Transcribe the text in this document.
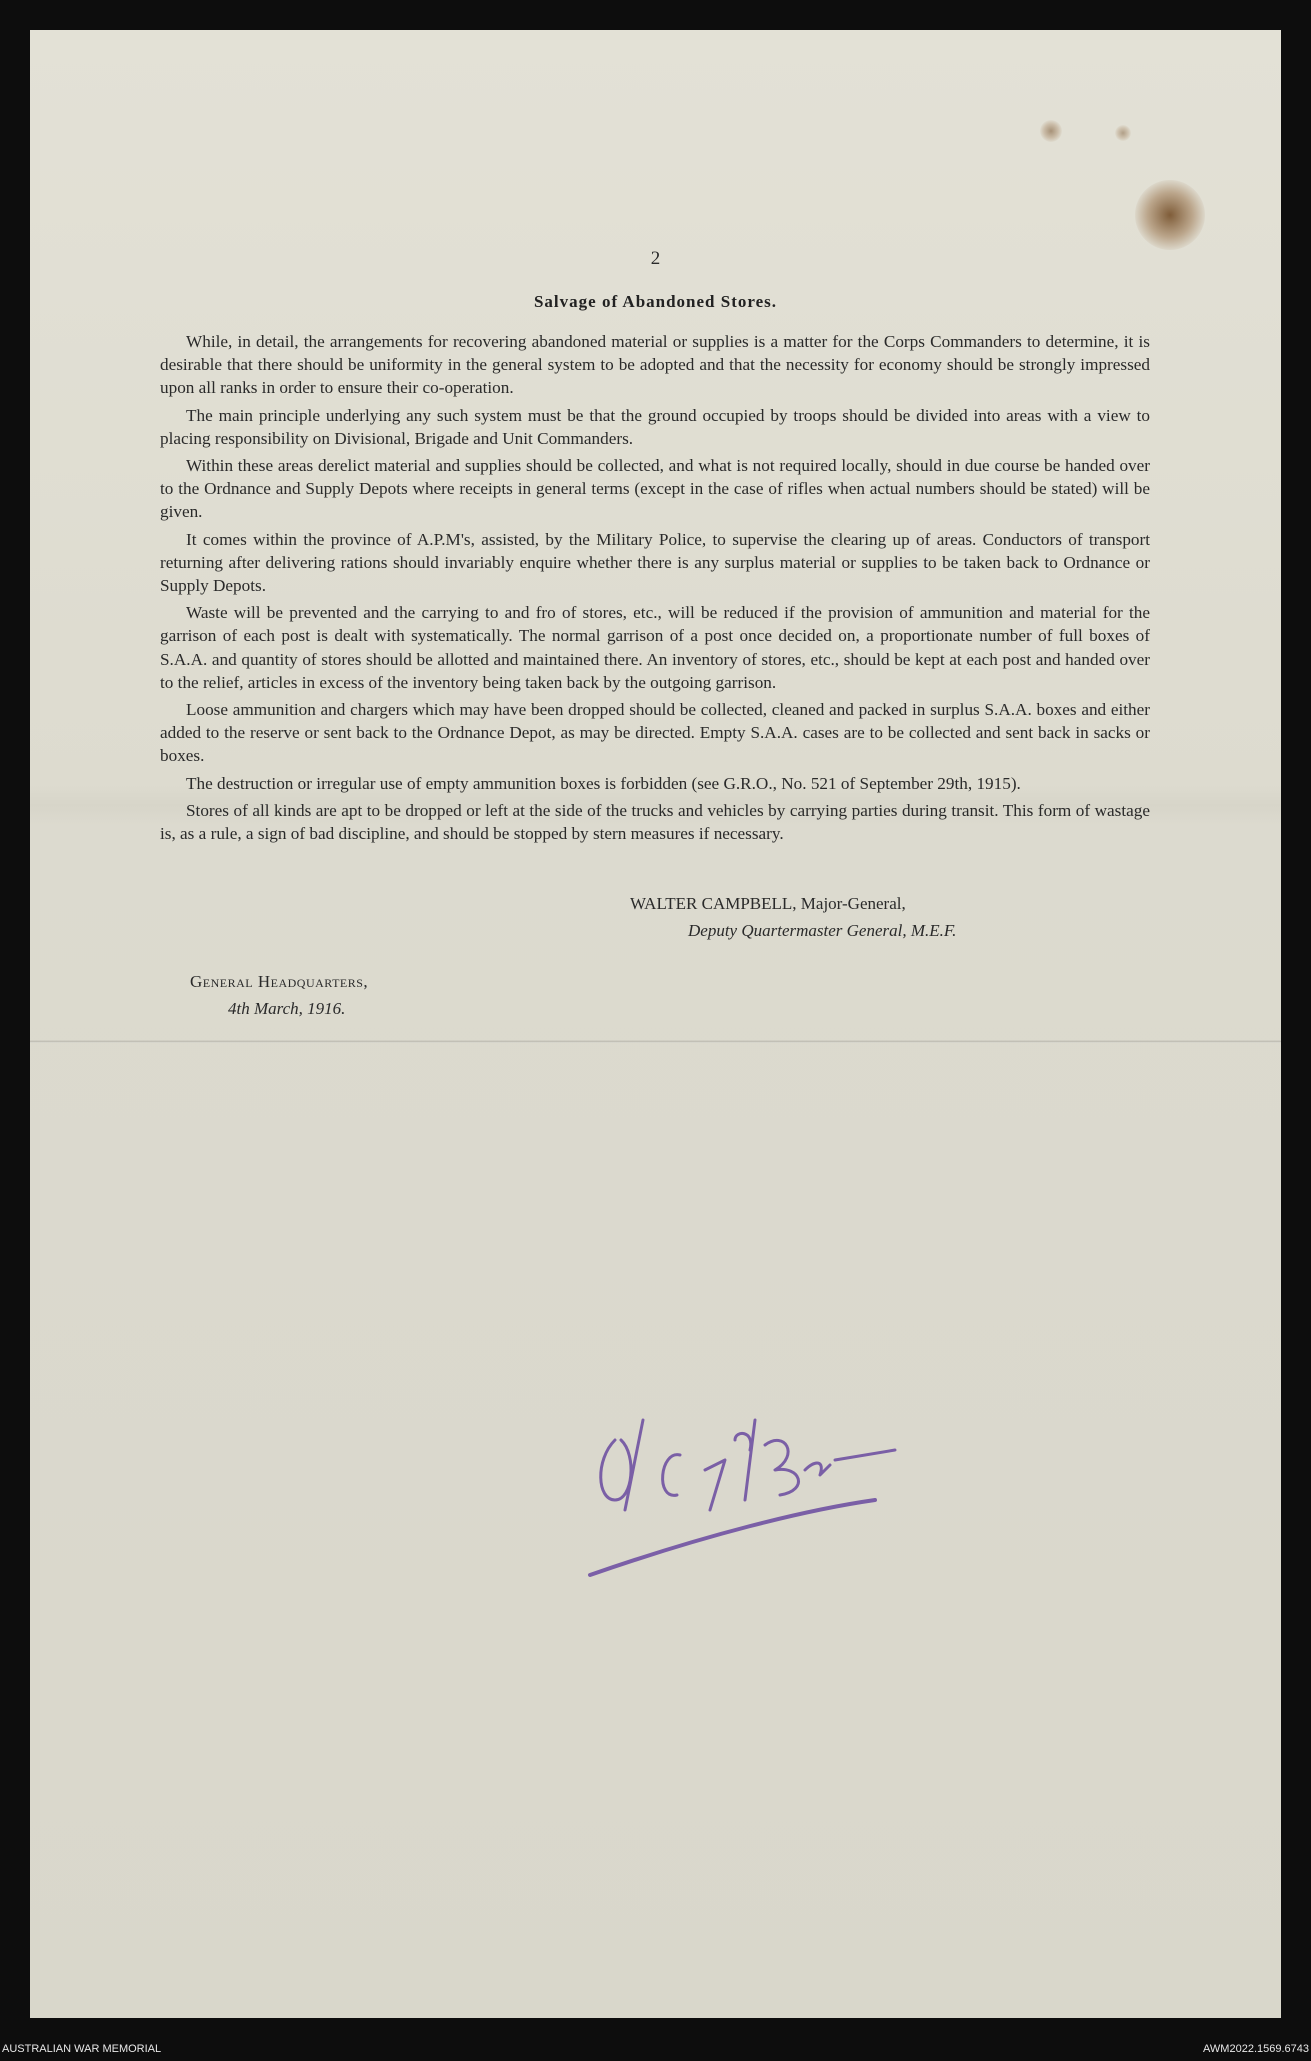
2
Salvage of Abandoned Stores.

While, in detail, the arrangements for recovering abandoned material or supplies is a matter for the Corps Commanders to determine, it is desirable that there should be uniformity in the general system to be adopted and that the necessity for economy should be strongly impressed upon all ranks in order to ensure their co-operation.

The main principle underlying any such system must be that the ground occupied by troops should be divided into areas with a view to placing responsibility on Divisional, Brigade and Unit Commanders.

Within these areas derelict material and supplies should be collected, and what is not required locally, should in due course be handed over to the Ordnance and Supply Depots where receipts in general terms (except in the case of rifles when actual numbers should be stated) will be given.

It comes within the province of A.P.M's, assisted, by the Military Police, to supervise the clearing up of areas. Conductors of transport returning after delivering rations should invariably enquire whether there is any surplus material or supplies to be taken back to Ordnance or Supply Depots.

Waste will be prevented and the carrying to and fro of stores, etc., will be reduced if the provision of ammunition and material for the garrison of each post is dealt with systematically. The normal garrison of a post once decided on, a proportionate number of full boxes of S.A.A. and quantity of stores should be allotted and maintained there. An inventory of stores, etc., should be kept at each post and handed over to the relief, articles in excess of the inventory being taken back by the outgoing garrison.

Loose ammunition and chargers which may have been dropped should be collected, cleaned and packed in surplus S.A.A. boxes and either added to the reserve or sent back to the Ordnance Depot, as may be directed. Empty S.A.A. cases are to be collected and sent back in sacks or boxes.

The destruction or irregular use of empty ammunition boxes is forbidden (see G.R.O., No. 521 of September 29th, 1915).

Stores of all kinds are apt to be dropped or left at the side of the trucks and vehicles by carrying parties during transit. This form of wastage is, as a rule, a sign of bad discipline, and should be stopped by stern measures if necessary.

WALTER CAMPBELL, Major-General,
Deputy Quartermaster General, M.E.F.
General Headquarters,
4th March, 1916.
AUSTRALIAN WAR MEMORIAL	AWM2022.1569.6743
